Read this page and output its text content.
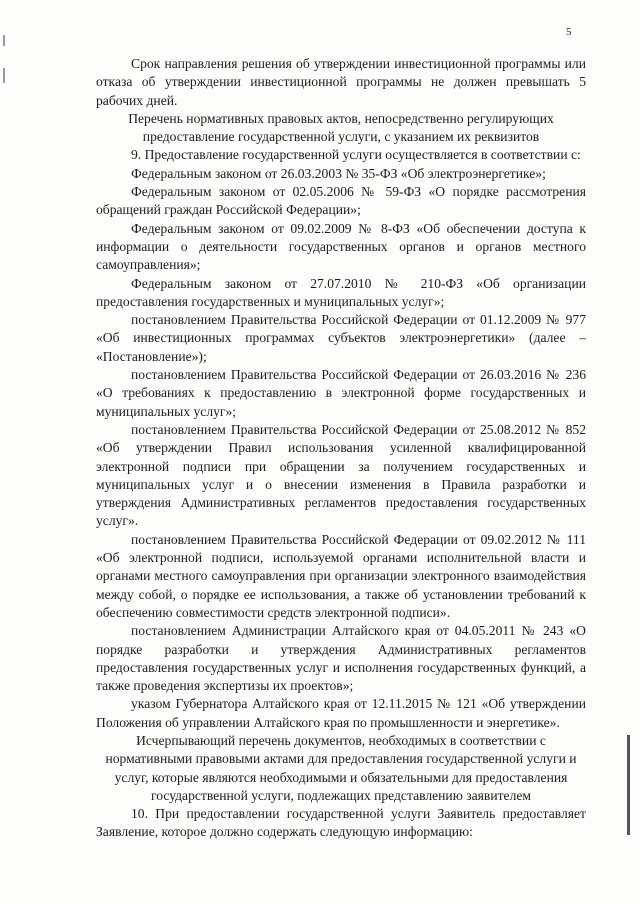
5

Срок направления решения об утверждении инвестиционной программы или отказа об утверждении инвестиционной программы не должен превышать 5 рабочих дней.

Перечень нормативных правовых актов, непосредственно регулирующих предоставление государственной услуги, с указанием их реквизитов

9. Предоставление государственной услуги осуществляется в соответствии с:

Федеральным законом от 26.03.2003 № 35-ФЗ «Об электроэнергетике»;

Федеральным законом от 02.05.2006 № 59-ФЗ «О порядке рассмотрения обращений граждан Российской Федерации»;

Федеральным законом от 09.02.2009 № 8-ФЗ «Об обеспечении доступа к информации о деятельности государственных органов и органов местного самоуправления»;

Федеральным законом от 27.07.2010 № 210-ФЗ «Об организации предоставления государственных и муниципальных услуг»;

постановлением Правительства Российской Федерации от 01.12.2009 № 977 «Об инвестиционных программах субъектов электроэнергетики» (далее – «Постановление»);

постановлением Правительства Российской Федерации от 26.03.2016 № 236 «О требованиях к предоставлению в электронной форме государственных и муниципальных услуг»;

постановлением Правительства Российской Федерации от 25.08.2012 № 852 «Об утверждении Правил использования усиленной квалифицированной электронной подписи при обращении за получением государственных и муниципальных услуг и о внесении изменения в Правила разработки и утверждения Административных регламентов предоставления государственных услуг».

постановлением Правительства Российской Федерации от 09.02.2012 № 111 «Об электронной подписи, используемой органами исполнительной власти и органами местного самоуправления при организации электронного взаимодействия между собой, о порядке ее использования, а также об установлении требований к обеспечению совместимости средств электронной подписи».

постановлением Администрации Алтайского края от 04.05.2011 № 243 «О порядке разработки и утверждения Административных регламентов предоставления государственных услуг и исполнения государственных функций, а также проведения экспертизы их проектов»;

указом Губернатора Алтайского края от 12.11.2015 № 121 «Об утверждении Положения об управлении Алтайского края по промышленности и энергетике».

Исчерпывающий перечень документов, необходимых в соответствии с нормативными правовыми актами для предоставления государственной услуги и услуг, которые являются необходимыми и обязательными для предоставления государственной услуги, подлежащих представлению заявителем

10. При предоставлении государственной услуги Заявитель предоставляет Заявление, которое должно содержать следующую информацию:
